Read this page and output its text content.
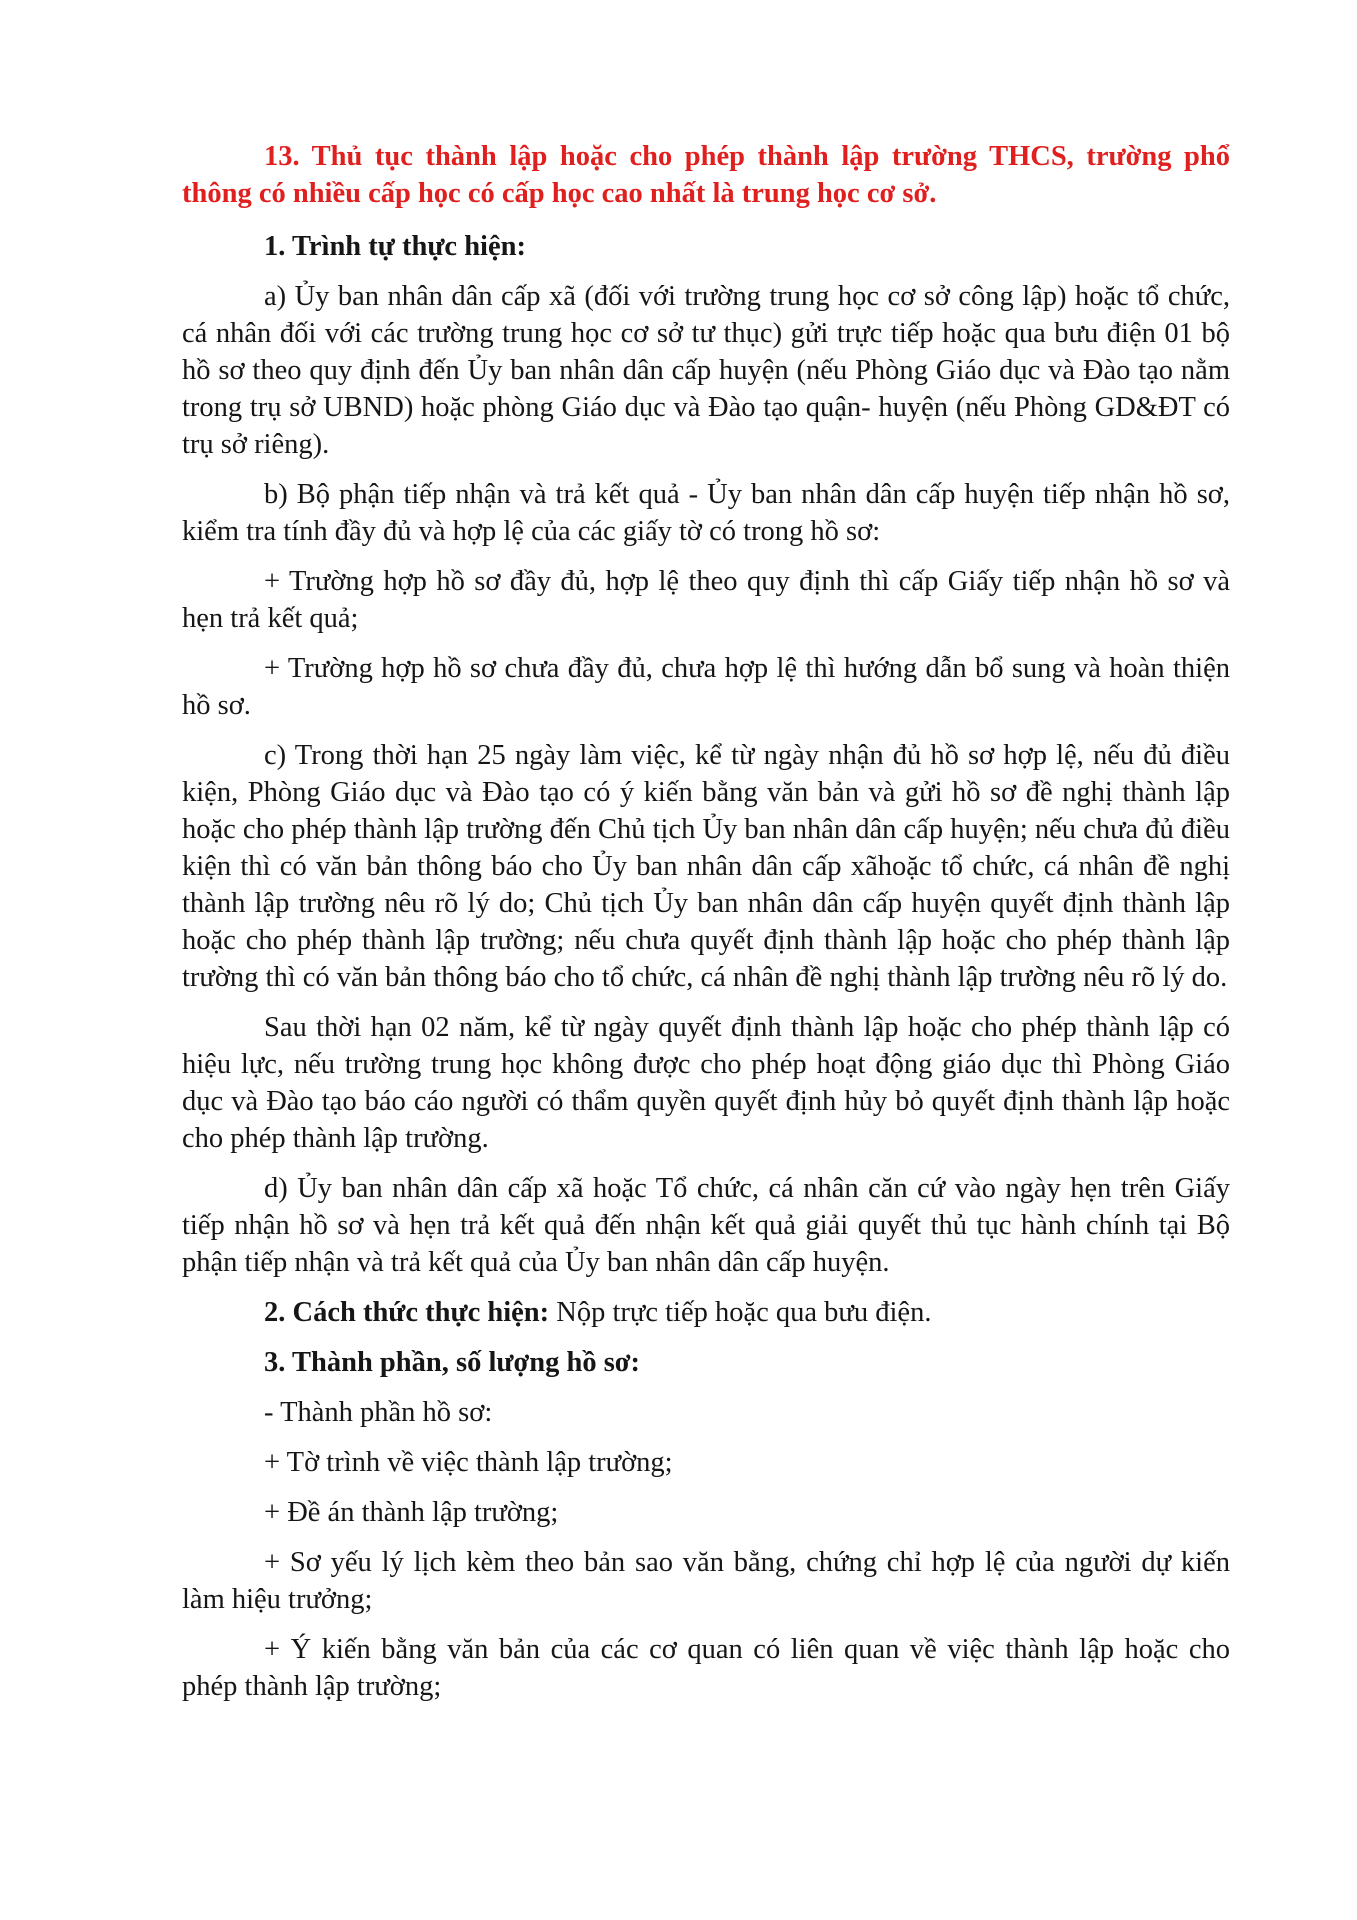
13. Thủ tục thành lập hoặc cho phép thành lập trường THCS, trường phổ thông có nhiều cấp học có cấp học cao nhất là trung học cơ sở.

1. Trình tự thực hiện:

a) Ủy ban nhân dân cấp xã (đối với trường trung học cơ sở công lập) hoặc tổ chức, cá nhân đối với các trường trung học cơ sở tư thục) gửi trực tiếp hoặc qua bưu điện 01 bộ hồ sơ theo quy định đến Ủy ban nhân dân cấp huyện (nếu Phòng Giáo dục và Đào tạo nằm trong trụ sở UBND) hoặc phòng Giáo dục và Đào tạo quận- huyện (nếu Phòng GD&ĐT có trụ sở riêng).

b) Bộ phận tiếp nhận và trả kết quả - Ủy ban nhân dân cấp huyện tiếp nhận hồ sơ, kiểm tra tính đầy đủ và hợp lệ của các giấy tờ có trong hồ sơ:

+ Trường hợp hồ sơ đầy đủ, hợp lệ theo quy định thì cấp Giấy tiếp nhận hồ sơ và hẹn trả kết quả;

+ Trường hợp hồ sơ chưa đầy đủ, chưa hợp lệ thì hướng dẫn bổ sung và hoàn thiện hồ sơ.

c) Trong thời hạn 25 ngày làm việc, kể từ ngày nhận đủ hồ sơ hợp lệ, nếu đủ điều kiện, Phòng Giáo dục và Đào tạo có ý kiến bằng văn bản và gửi hồ sơ đề nghị thành lập hoặc cho phép thành lập trường đến Chủ tịch Ủy ban nhân dân cấp huyện; nếu chưa đủ điều kiện thì có văn bản thông báo cho Ủy ban nhân dân cấp xãhoặc tổ chức, cá nhân đề nghị thành lập trường nêu rõ lý do; Chủ tịch Ủy ban nhân dân cấp huyện quyết định thành lập hoặc cho phép thành lập trường; nếu chưa quyết định thành lập hoặc cho phép thành lập trường thì có văn bản thông báo cho tổ chức, cá nhân đề nghị thành lập trường nêu rõ lý do.

Sau thời hạn 02 năm, kể từ ngày quyết định thành lập hoặc cho phép thành lập có hiệu lực, nếu trường trung học không được cho phép hoạt động giáo dục thì Phòng Giáo dục và Đào tạo báo cáo người có thẩm quyền quyết định hủy bỏ quyết định thành lập hoặc cho phép thành lập trường.

d) Ủy ban nhân dân cấp xã hoặc Tổ chức, cá nhân căn cứ vào ngày hẹn trên Giấy tiếp nhận hồ sơ và hẹn trả kết quả đến nhận kết quả giải quyết thủ tục hành chính tại Bộ phận tiếp nhận và trả kết quả của Ủy ban nhân dân cấp huyện.

2. Cách thức thực hiện: Nộp trực tiếp hoặc qua bưu điện.

3. Thành phần, số lượng hồ sơ:

- Thành phần hồ sơ:

+ Tờ trình về việc thành lập trường;

+ Đề án thành lập trường;

+ Sơ yếu lý lịch kèm theo bản sao văn bằng, chứng chỉ hợp lệ của người dự kiến làm hiệu trưởng;

+ Ý kiến bằng văn bản của các cơ quan có liên quan về việc thành lập hoặc cho phép thành lập trường;
